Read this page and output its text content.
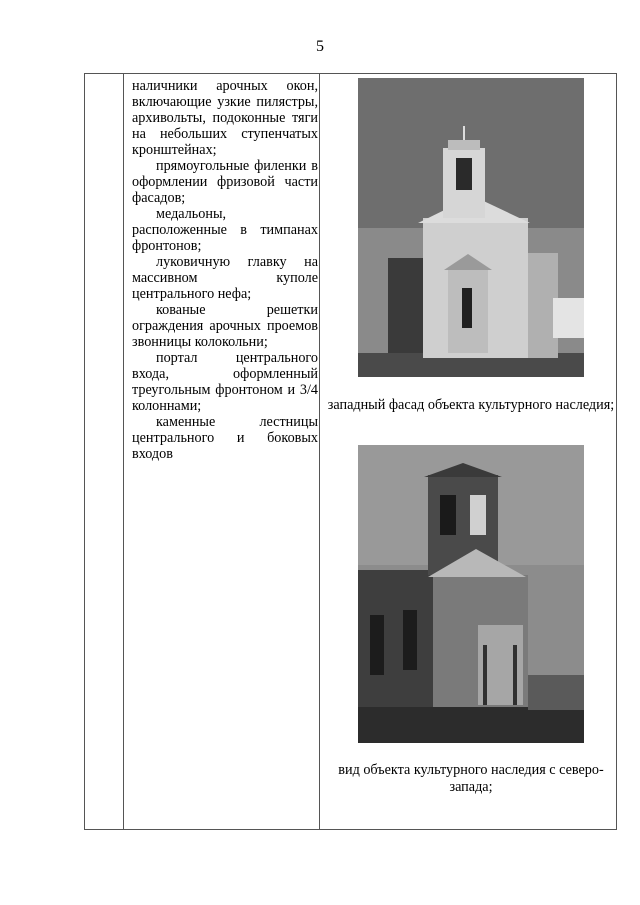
5

наличники арочных окон, включающие узкие пилястры, архивольты, подоконные тяги на небольших ступенчатых кронштейнах;

прямоугольные филенки в оформлении фризовой части фасадов;

медальоны, расположенные в тимпанах фронтонов;

луковичную главку на массивном куполе центрального нефа;

кованые решетки ограждения арочных проемов звонницы колокольни;

портал центрального входа, оформленный треугольным фронтоном и 3/4 колоннами;

каменные лестницы центрального и боковых входов

западный фасад объекта культурного наследия;
вид объекта культурного наследия с северо-запада;
